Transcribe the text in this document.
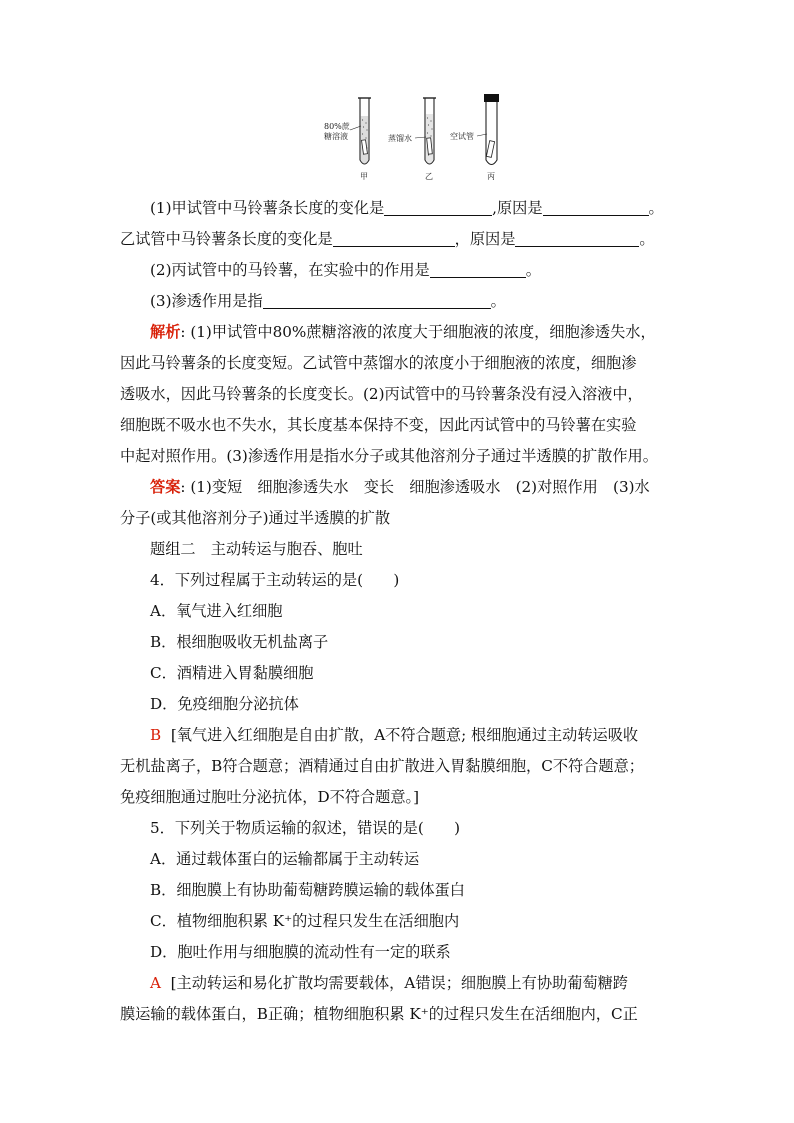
80%蔗
糖溶液	蒸馏水	空试管
甲	乙	丙
(1)甲试管中马铃薯条长度的变化是	,原因是	。
乙试管中马铃薯条长度的变化是	，原因是	。
(2)丙试管中的马铃薯，在实验中的作用是	。
(3)渗透作用是指	。
解析: (1)甲试管中80%蔗糖溶液的浓度大于细胞液的浓度，细胞渗透失水，
因此马铃薯条的长度变短。乙试管中蒸馏水的浓度小于细胞液的浓度，细胞渗
透吸水，因此马铃薯条的长度变长。(2)丙试管中的马铃薯条没有浸入溶液中，
细胞既不吸水也不失水，其长度基本保持不变，因此丙试管中的马铃薯在实验
中起对照作用。(3)渗透作用是指水分子或其他溶剂分子通过半透膜的扩散作用。
答案: (1)变短　细胞渗透失水　变长　细胞渗透吸水　(2)对照作用　(3)水
分子(或其他溶剂分子)通过半透膜的扩散
题组二　主动转运与胞吞、胞吐
4．下列过程属于主动转运的是(　　)
A．氧气进入红细胞
B．根细胞吸收无机盐离子
C．酒精进入胃黏膜细胞
D．免疫细胞分泌抗体
B [氧气进入红细胞是自由扩散，A不符合题意; 根细胞通过主动转运吸收
无机盐离子，B符合题意；酒精通过自由扩散进入胃黏膜细胞，C不符合题意；
免疫细胞通过胞吐分泌抗体，D不符合题意。]
5．下列关于物质运输的叙述，错误的是(　　)
A．通过载体蛋白的运输都属于主动转运
B．细胞膜上有协助葡萄糖跨膜运输的载体蛋白
C．植物细胞积累 K⁺的过程只发生在活细胞内
D．胞吐作用与细胞膜的流动性有一定的联系
A [主动转运和易化扩散均需要载体，A错误；细胞膜上有协助葡萄糖跨
膜运输的载体蛋白，B正确；植物细胞积累 K⁺的过程只发生在活细胞内，C正
